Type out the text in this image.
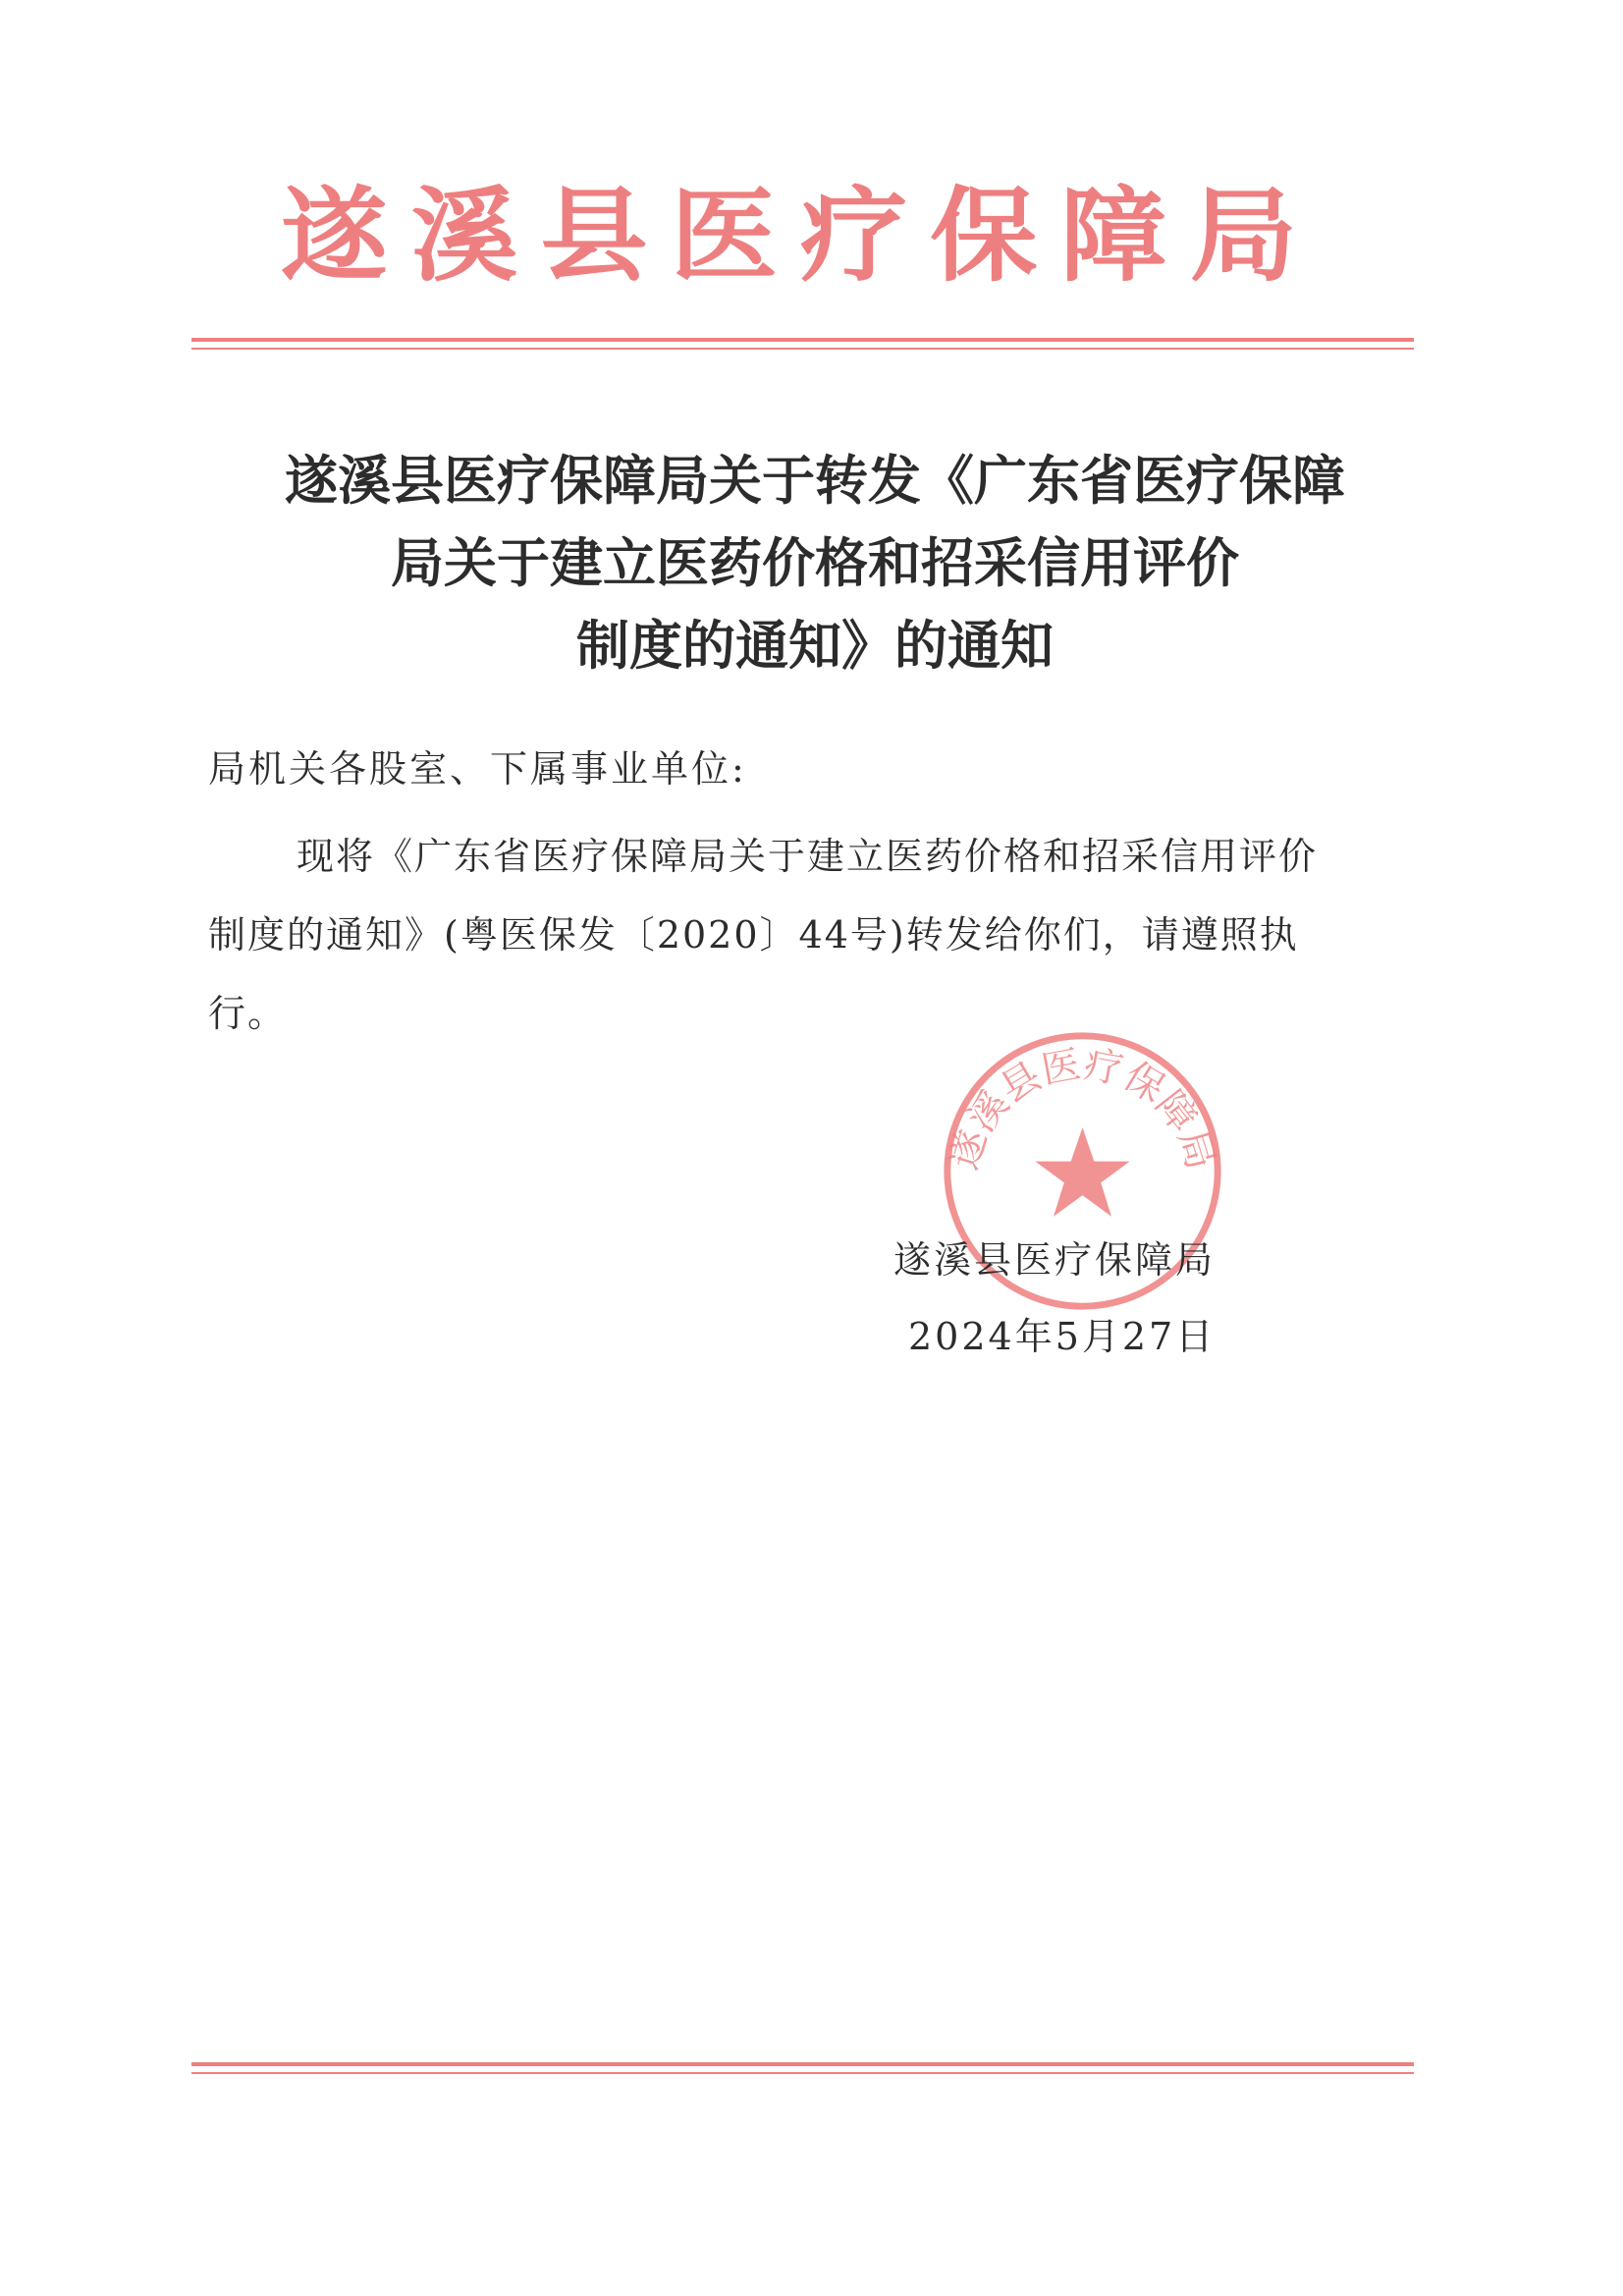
遂溪县医疗保障局
遂溪县医疗保障局关于转发《广东省医疗保障
局关于建立医药价格和招采信用评价
制度的通知》的通知
局机关各股室、下属事业单位:
现将《广东省医疗保障局关于建立医药价格和招采信用评价
制度的通知》(粤医保发〔2020〕44号)转发给你们，请遵照执
行。
遂溪县医疗保障局
遂溪县医疗保障局
2024年5月27日
